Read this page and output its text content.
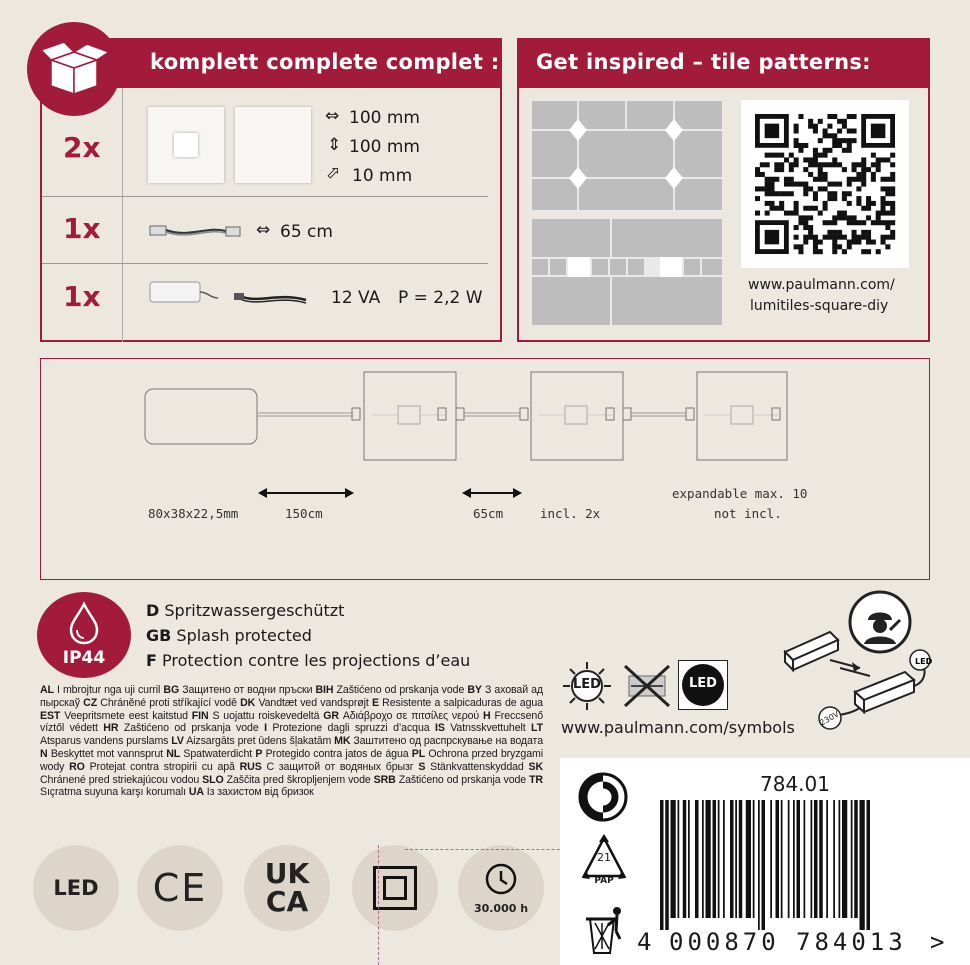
komplett complete complet :
2x
⇔ 100 mm
⇕ 100 mm
⬀ 10 mm
1x	⇔ 65 cm
1x	12 VA P = 2,2 W
Get inspired – tile patterns:
www.paulmann.com/
lumitiles-square-diy
80x38x22,5mm	150cm	65cm	incl. 2x
expandable max. 10
not incl.
IP44
D Spritzwassergeschützt
GB Splash protected
F Protection contre les projections d’eau
AL I mbrojtur nga uji curril BG Защитено от водни пръски BIH Zaštićeno od prskanja vode BY З аховай ад пырскаў CZ Chráněné proti stříkající vodě DK Vandtæt ved vandsprøjt E Resistente a salpicaduras de agua EST Veepritsmete eest kaitstud FIN S uojattu roiskevedeltä GR Αδιάβροχο σε πιτσίλες νερού H Freccsenő víztől védett HR Zaštićeno od prskanja vode I Protezione dagli spruzzi d’acqua IS Vatnsskvettuhelt LT Atsparus vandens purslams LV Aizsargāts pret ūdens šļakatām MK Заштитено од распрскување на водата N Beskyttet mot vannsprut NL Spatwaterdicht P Protegido contra jatos de água PL Ochrona przed bryzgami wody RO Protejat contra stropirii cu apă RUS С защитой от водяных брызг S Stänkvattenskyddad SK Chránené pred striekajúcou vodou SLO Zaščita pred škropljenjem vode SRB Zaštićeno od prskanja vode TR Sıçratma suyuna karşı korumalı UA Із захистом від бризок
LED	LED
www.paulmann.com/symbols
LED
230V
LED CE UK
CA	30.000 h
21
PAP
784.01
4 000870 784013 >
